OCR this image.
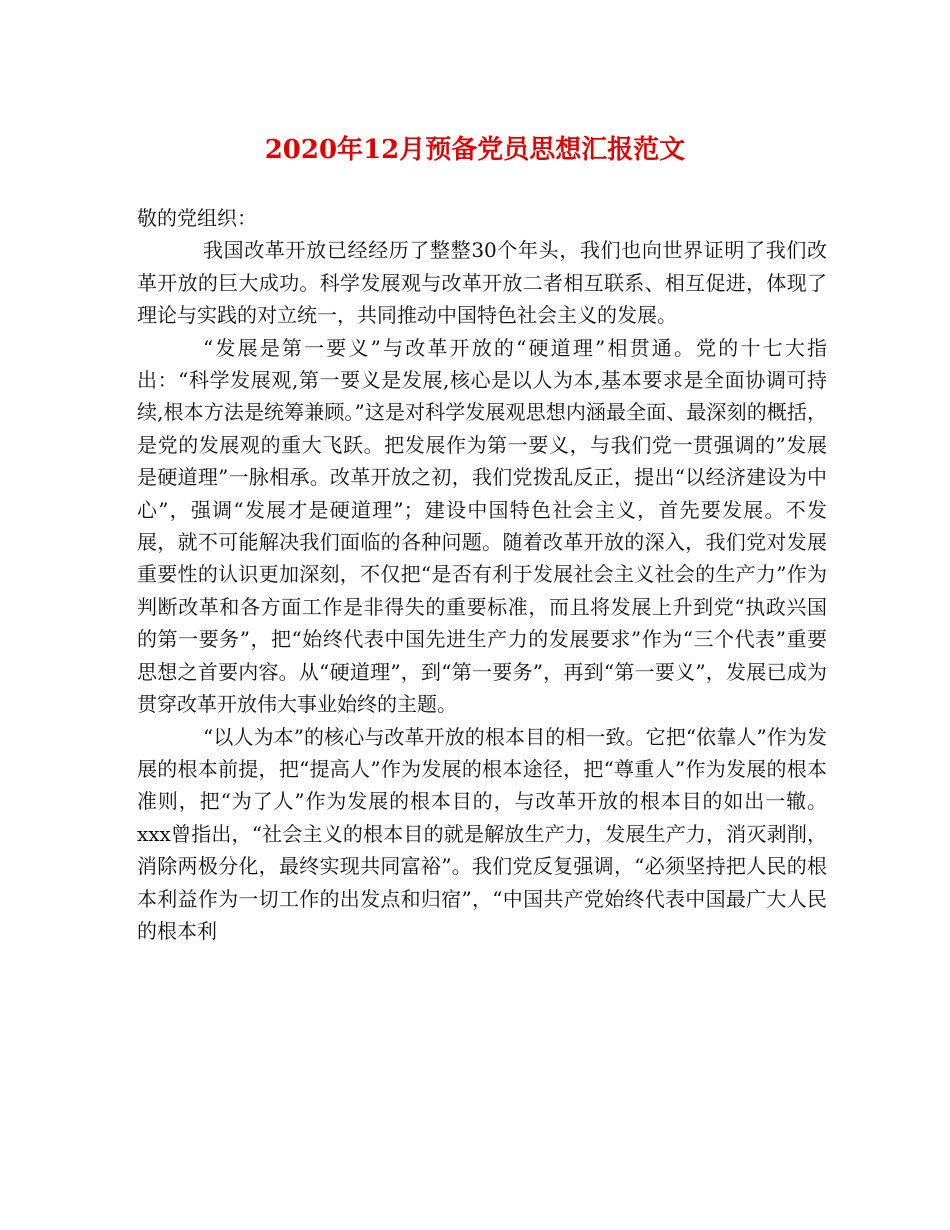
2020年12月预备党员思想汇报范文

敬的党组织：

我国改革开放已经经历了整整30个年头，我们也向世界证明了我们改革开放的巨大成功。科学发展观与改革开放二者相互联系、相互促进，体现了理论与实践的对立统一，共同推动中国特色社会主义的发展。

“发展是第一要义”与改革开放的“硬道理”相贯通。党的十七大指出：“科学发展观,第一要义是发展,核心是以人为本,基本要求是全面协调可持续,根本方法是统筹兼顾。”这是对科学发展观思想内涵最全面、最深刻的概括，是党的发展观的重大飞跃。把发展作为第一要义，与我们党一贯强调的”发展是硬道理”一脉相承。改革开放之初，我们党拨乱反正，提出“以经济建设为中心”，强调“发展才是硬道理”；建设中国特色社会主义，首先要发展。不发展，就不可能解决我们面临的各种问题。随着改革开放的深入，我们党对发展重要性的认识更加深刻，不仅把“是否有利于发展社会主义社会的生产力”作为判断改革和各方面工作是非得失的重要标准，而且将发展上升到党“执政兴国的第一要务”，把“始终代表中国先进生产力的发展要求”作为“三个代表”重要思想之首要内容。从“硬道理”，到“第一要务”，再到“第一要义”，发展已成为贯穿改革开放伟大事业始终的主题。

“以人为本”的核心与改革开放的根本目的相一致。它把“依靠人”作为发展的根本前提，把“提高人”作为发展的根本途径，把“尊重人”作为发展的根本准则，把“为了人”作为发展的根本目的，与改革开放的根本目的如出一辙。xxx曾指出，“社会主义的根本目的就是解放生产力，发展生产力，消灭剥削，消除两极分化，最终实现共同富裕”。我们党反复强调，“必须坚持把人民的根本利益作为一切工作的出发点和归宿”，“中国共产党始终代表中国最广大人民的根本利
